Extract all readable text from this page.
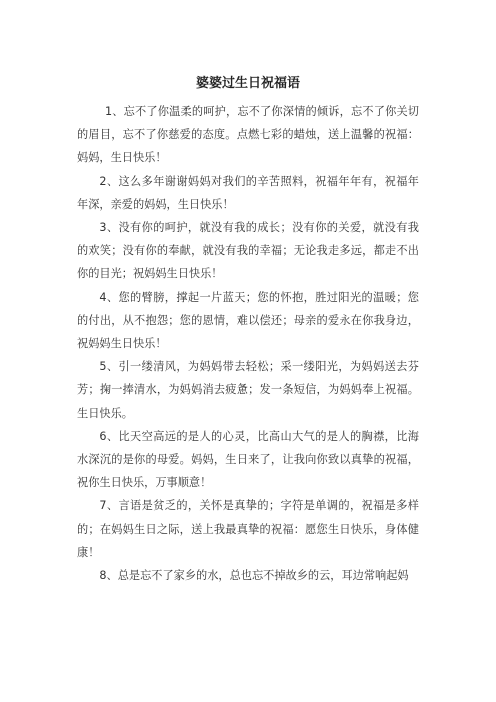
婆婆过生日祝福语

1、忘不了你温柔的呵护，忘不了你深情的倾诉，忘不了你关切的眉目，忘不了你慈爱的态度。点燃七彩的蜡烛，送上温馨的祝福：妈妈，生日快乐！

2、这么多年谢谢妈妈对我们的辛苦照料，祝福年年有，祝福年年深，亲爱的妈妈，生日快乐！

3、没有你的呵护，就没有我的成长；没有你的关爱，就没有我的欢笑；没有你的奉献，就没有我的幸福；无论我走多远，都走不出你的目光；祝妈妈生日快乐！

4、您的臂膀，撑起一片蓝天；您的怀抱，胜过阳光的温暖；您的付出，从不抱怨；您的恩情，难以偿还；母亲的爱永在你我身边，祝妈妈生日快乐！

5、引一缕清风，为妈妈带去轻松；采一缕阳光，为妈妈送去芬芳；掬一捧清水，为妈妈消去疲惫；发一条短信，为妈妈奉上祝福。生日快乐。

6、比天空高远的是人的心灵，比高山大气的是人的胸襟，比海水深沉的是你的母爱。妈妈，生日来了，让我向你致以真挚的祝福，祝你生日快乐，万事顺意！

7、言语是贫乏的，关怀是真挚的；字符是单调的，祝福是多样的；在妈妈生日之际，送上我最真挚的祝福：愿您生日快乐，身体健康！

8、总是忘不了家乡的水，总也忘不掉故乡的云，耳边常响起妈
